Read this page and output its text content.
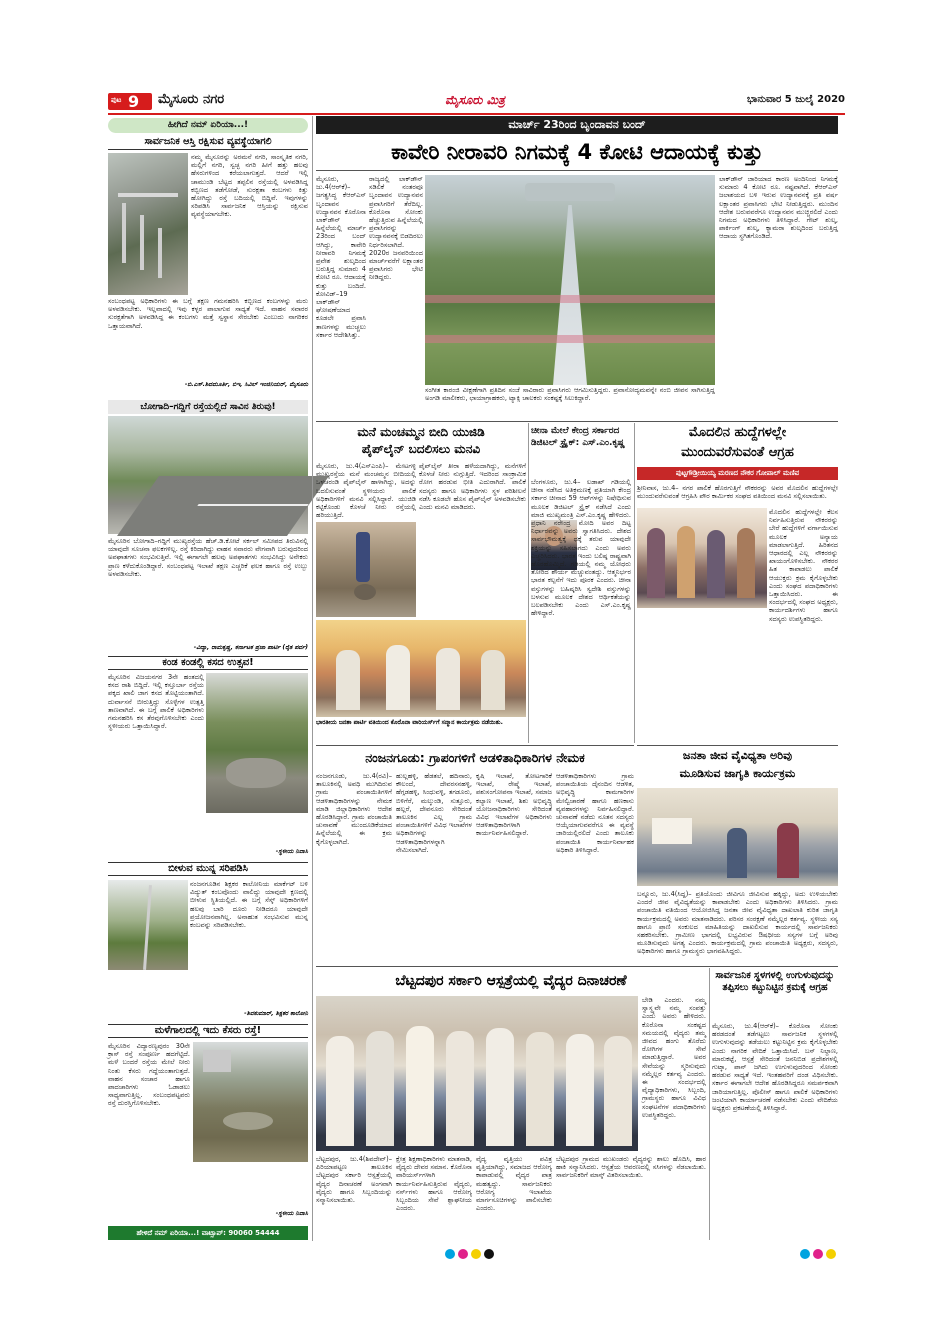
ಪುಟ 9 ಮೈಸೂರು ನಗರ	ಮೈಸೂರು ಮಿತ್ರ	ಭಾನುವಾರ 5 ಜುಲೈ 2020
ಹೀಗಿದೆ ನಮ್ ಏರಿಯಾ...!
ಸಾರ್ವಜನಿಕ ಆಸ್ತಿ ರಕ್ಷಿಸುವ ವ್ಯವಸ್ಥೆಯಾಗಲಿ
ನಮ್ಮ ಮೈಸೂರನ್ನು ಅರಮನೆ ನಗರಿ, ಸಾಂಸ್ಕೃತಿಕ ನಗರಿ, ಮಲ್ಲಿಗೆ ನಗರಿ, ಸ್ವಚ್ಛ ನಗರಿ ಹೀಗೆ ಹತ್ತು ಹಲವು ಹೆಸರುಗಳಿಂದ ಕರೆಯಲಾಗುತ್ತದೆ. ಆದರೆ ಇಲ್ಲಿ ಚಾಮುಂಡಿ ಬೆಟ್ಟದ ತಪ್ಪಲಿನ ರಸ್ತೆಯಲ್ಲಿ ಅಳವಡಿಸಿದ್ದ ಕಬ್ಬಿಣದ ತಡೆಗೋಡೆ, ಸುರಕ್ಷತಾ ಕಂಬಗಳು ಕಿತ್ತು ಹೋಗಿದ್ದು ರಸ್ತೆ ಬದಿಯಲ್ಲಿ ಬಿದ್ದಿವೆ. ಇವುಗಳನ್ನು ಸರಿಪಡಿಸಿ ಸಾರ್ವಜನಿಕ ಆಸ್ತಿಯನ್ನು ರಕ್ಷಿಸುವ ವ್ಯವಸ್ಥೆಯಾಗಬೇಕು.
ಸಂಬಂಧಪಟ್ಟ ಅಧಿಕಾರಿಗಳು ಈ ಬಗ್ಗೆ ತಕ್ಷಣ ಗಮನಹರಿಸಿ ಕಬ್ಬಿಣದ ಕಂಬಗಳನ್ನು ಮರು ಅಳವಡಿಸಬೇಕು. ಇಲ್ಲವಾದಲ್ಲಿ ಇವು ಕಳ್ಳರ ಪಾಲಾಗುವ ಸಾಧ್ಯತೆ ಇದೆ. ವಾಹನ ಸವಾರರ ಸುರಕ್ಷತೆಗಾಗಿ ಅಳವಡಿಸಿದ್ದ ಈ ಕಂಬಗಳು ಮತ್ತೆ ಸ್ವಸ್ಥಾನ ಸೇರಬೇಕು ಎಂಬುದು ನಾಗರಿಕರ ಒತ್ತಾಯವಾಗಿದೆ.
-ಬಿ.ಎಸ್.ಶಿವಮೂರ್ತಿ, ಬಿಇ, ಸಿವಿಲ್ ಇಂಜಿನಿಯರ್, ಮೈಸೂರು
ಬೋಗಾದಿ–ಗದ್ದಿಗೆ ರಸ್ತೆಯಲ್ಲಿದೆ ಸಾವಿನ ತಿರುವು!
ಮೈಸೂರಿನ ಬೋಗಾದಿ–ಗದ್ದಿಗೆ ಮುಖ್ಯರಸ್ತೆಯ ಹೆಚ್.ಡಿ.ಕೋಟೆ ಸರ್ಕಲ್ ಸಮೀಪದ ತಿರುವಿನಲ್ಲಿ ಯಾವುದೇ ಸೂಚನಾ ಫಲಕಗಳಿಲ್ಲ. ರಸ್ತೆ ಕಿರಿದಾಗಿದ್ದು ವಾಹನ ಸವಾರರು ವೇಗವಾಗಿ ಬರುವುದರಿಂದ ಅಪಘಾತಗಳು ಸಂಭವಿಸುತ್ತಿವೆ. ಇಲ್ಲಿ ಈಗಾಗಲೇ ಹಲವು ಅಪಘಾತಗಳು ಸಂಭವಿಸಿದ್ದು ಅನೇಕರು ಪ್ರಾಣ ಕಳೆದುಕೊಂಡಿದ್ದಾರೆ. ಸಂಬಂಧಪಟ್ಟ ಇಲಾಖೆ ತಕ್ಷಣ ಎಚ್ಚರಿಕೆ ಫಲಕ ಹಾಗೂ ರಸ್ತೆ ಉಬ್ಬು ಅಳವಡಿಸಬೇಕು.
-ವಿದ್ಯಾ, ರಾಮಕೃಷ್ಣ, ಕರ್ನಾಟಕ ಪ್ರಜಾ ಪಾರ್ಟಿ (ರೈತ ಪರ್ವ)
ಕಂಡ ಕಂಡಲ್ಲಿ ಕಸದ ಉತ್ಸವ!
ಮೈಸೂರಿನ ವಿಜಯನಗರ 3ನೇ ಹಂತದಲ್ಲಿ ಕಸದ ರಾಶಿ ಬಿದ್ದಿದೆ. ಇಲ್ಲಿ ಕಸ್ತೂರ್ಬಾ ರಸ್ತೆಯ ಪಕ್ಕದ ಖಾಲಿ ಜಾಗ ಕಸದ ತೊಟ್ಟಿಯಂತಾಗಿದೆ. ದುರ್ವಾಸನೆ ಬೀರುತ್ತಿದ್ದು ಸೊಳ್ಳೆಗಳ ಉತ್ಪತ್ತಿ ತಾಣವಾಗಿದೆ. ಈ ಬಗ್ಗೆ ಪಾಲಿಕೆ ಅಧಿಕಾರಿಗಳು ಗಮನಹರಿಸಿ ಕಸ ತೆರವುಗೊಳಿಸಬೇಕು ಎಂದು ಸ್ಥಳೀಯರು ಒತ್ತಾಯಿಸಿದ್ದಾರೆ.
-ಸ್ಥಳೀಯ ನಿವಾಸಿ
ಬೀಳುವ ಮುನ್ನ ಸರಿಪಡಿಸಿ
ನಂಜನಗೂಡಿನ ಶಿಕ್ಷಕರ ಕಾಲೋನಿಯ ಮಾರ್ಕೆಟ್ ಬಳಿ ವಿದ್ಯುತ್ ಕಂಬವೊಂದು ವಾಲಿದ್ದು ಯಾವುದೇ ಕ್ಷಣದಲ್ಲಿ ಬೀಳುವ ಸ್ಥಿತಿಯಲ್ಲಿದೆ. ಈ ಬಗ್ಗೆ ಸೆಸ್ಕ್ ಅಧಿಕಾರಿಗಳಿಗೆ ಹಲವು ಬಾರಿ ದೂರು ನೀಡಿದರೂ ಯಾವುದೇ ಪ್ರಯೋಜನವಾಗಿಲ್ಲ. ಅನಾಹುತ ಸಂಭವಿಸುವ ಮುನ್ನ ಕಂಬವನ್ನು ಸರಿಪಡಿಸಬೇಕು.
-ಶಿವಕುಮಾರ್, ಶಿಕ್ಷಕರ ಕಾಲೋನಿ
ಮಳೆಗಾಲದಲ್ಲಿ ಇದು ಕೆಸರು ರಸ್ತೆ!
ಮೈಸೂರಿನ ವಿದ್ಯಾರಣ್ಯಪುರಂ 30ನೇ ಕ್ರಾಸ್ ರಸ್ತೆ ಸಂಪೂರ್ಣ ಹದಗೆಟ್ಟಿದೆ. ಮಳೆ ಬಂದರೆ ರಸ್ತೆಯ ಮೇಲೆ ನೀರು ನಿಂತು ಕೆಸರು ಗದ್ದೆಯಂತಾಗುತ್ತದೆ. ವಾಹನ ಸಂಚಾರ ಹಾಗೂ ಪಾದಚಾರಿಗಳು ಓಡಾಡಲು ಸಾಧ್ಯವಾಗುತ್ತಿಲ್ಲ. ಸಂಬಂಧಪಟ್ಟವರು ರಸ್ತೆ ದುರಸ್ತಿಗೊಳಿಸಬೇಕು.
-ಸ್ಥಳೀಯ ನಿವಾಸಿ
ಹೇಳಿದೆ ನಮ್ ಏರಿಯಾ...! ವಾಟ್ಸಾಪ್: 90060 54444
ಮಾರ್ಚ್ 23ರಿಂದ ಬೃಂದಾವನ ಬಂದ್
ಕಾವೇರಿ ನೀರಾವರಿ ನಿಗಮಕ್ಕೆ 4 ಕೋಟಿ ಆದಾಯಕ್ಕೆ ಕುತ್ತು
ಮೈಸೂರು, ಜು.4(ಆರ್‌ಕೆ)– ಜಗತ್ಪ್ರಸಿದ್ಧ ಕೆಆರ್‌ಎಸ್ ಬೃಂದಾವನ ಉದ್ಯಾನವನ ಕೊರೊನಾ ಲಾಕ್‌ಡೌನ್ ಹಿನ್ನೆಲೆಯಲ್ಲಿ ಮಾರ್ಚ್ 23ರಿಂದ ಬಂದ್ ಆಗಿದ್ದು, ಕಾವೇರಿ ನೀರಾವರಿ ನಿಗಮಕ್ಕೆ ಪ್ರವೇಶ ಶುಲ್ಕದಿಂದ ಬರುತ್ತಿದ್ದ ಸುಮಾರು 4 ಕೋಟಿ ರೂ. ಆದಾಯಕ್ಕೆ ಕುತ್ತು ಬಂದಿದೆ. ಕೋವಿಡ್–19 ಲಾಕ್‌ಡೌನ್ ಘೋಷಣೆಯಾದ ಕೂಡಲೇ ಪ್ರವಾಸಿ ತಾಣಗಳನ್ನು ಮುಚ್ಚಲು ಸರ್ಕಾರ ಆದೇಶಿಸಿತ್ತು.
ರಾಜ್ಯದಲ್ಲಿ ಲಾಕ್‌ಡೌನ್ ಸಡಿಲಿಕೆ ನಂತರವೂ ಬೃಂದಾವನ ಉದ್ಯಾನವನ ಪ್ರವಾಸಿಗರಿಗೆ ತೆರೆದಿಲ್ಲ. ಕೊರೊನಾ ಸೋಂಕು ಹೆಚ್ಚುತ್ತಿರುವ ಹಿನ್ನೆಲೆಯಲ್ಲಿ ಪ್ರವಾಸಿಗರನ್ನು ಉದ್ಯಾನವನಕ್ಕೆ ಬಿಡದಿರಲು ನಿರ್ಧರಿಸಲಾಗಿದೆ. 2020ರ ಜನವರಿಯಿಂದ ಮಾರ್ಚ್‌ವರೆಗೆ ಲಕ್ಷಾಂತರ ಪ್ರವಾಸಿಗರು ಭೇಟಿ ನೀಡಿದ್ದರು.
ಸಂಗೀತ ಕಾರಂಜಿ ವೀಕ್ಷಣೆಗಾಗಿ ಪ್ರತಿದಿನ ಸಂಜೆ ಸಾವಿರಾರು ಪ್ರವಾಸಿಗರು ಆಗಮಿಸುತ್ತಿದ್ದರು. ಪ್ರವಾಸೋದ್ಯಮವನ್ನೇ ನಂಬಿ ಜೀವನ ಸಾಗಿಸುತ್ತಿದ್ದ ಅಂಗಡಿ ಮಾಲೀಕರು, ಛಾಯಾಗ್ರಾಹಕರು, ಟ್ಯಾಕ್ಸಿ ಚಾಲಕರು ಸಂಕಷ್ಟಕ್ಕೆ ಸಿಲುಕಿದ್ದಾರೆ.
ಲಾಕ್‌ಡೌನ್ ಜಾರಿಯಾದ ಕಾರಣ ಅಂದಿನಿಂದ ನಿಗಮಕ್ಕೆ ಸುಮಾರು 4 ಕೋಟಿ ರೂ. ನಷ್ಟವಾಗಿದೆ. ಕೆಆರ್‌ಎಸ್ ಜಲಾಶಯದ ಬಳಿ ಇರುವ ಉದ್ಯಾನವನಕ್ಕೆ ಪ್ರತಿ ವರ್ಷ ಲಕ್ಷಾಂತರ ಪ್ರವಾಸಿಗರು ಭೇಟಿ ನೀಡುತ್ತಿದ್ದರು. ಮುಂದಿನ ಆದೇಶ ಬರುವವರೆಗೂ ಉದ್ಯಾನವನ ಮುಚ್ಚಿರಲಿದೆ ಎಂದು ನಿಗಮದ ಅಧಿಕಾರಿಗಳು ತಿಳಿಸಿದ್ದಾರೆ. ಗೇಟ್ ಶುಲ್ಕ, ಪಾರ್ಕಿಂಗ್ ಶುಲ್ಕ, ಕ್ಯಾಮರಾ ಶುಲ್ಕದಿಂದ ಬರುತ್ತಿದ್ದ ಆದಾಯ ಸ್ಥಗಿತಗೊಂಡಿದೆ.
ಮನೆ ಮಂಚಮ್ಮನ ಬೀದಿ ಯುಜಿಡಿ
ಪೈಪ್‌ಲೈನ್ ಬದಲಿಸಲು ಮನವಿ
ಮೈಸೂರು, ಜು.4(ಎಸ್‌ಎಂಪಿ)– ಮೇಟಗಳ್ಳಿ ಮುಖ್ಯರಸ್ತೆಯ ಮನೆ ಮಂಚಮ್ಮನ ಬೀದಿಯಲ್ಲಿ ಒಳಚರಂಡಿ ಪೈಪ್‌ಲೈನ್ ಹಾಳಾಗಿದ್ದು, ಅದನ್ನು ಬದಲಿಸುವಂತೆ ಸ್ಥಳೀಯರು ಪಾಲಿಕೆ ಅಧಿಕಾರಿಗಳಿಗೆ ಮನವಿ ಸಲ್ಲಿಸಿದ್ದಾರೆ. ಯುಜಿಡಿ ಕಟ್ಟಿಕೊಂಡು ಕೊಳಚೆ ನೀರು ರಸ್ತೆಯಲ್ಲಿ ಹರಿಯುತ್ತಿದೆ.
ಪೈಪ್‌ಲೈನ್ ತೀರಾ ಹಳೆಯದಾಗಿದ್ದು, ಮನೆಗಳಿಗೆ ಕೊಳಚೆ ನೀರು ನುಗ್ಗುತ್ತಿದೆ. ಇದರಿಂದ ಸಾಂಕ್ರಾಮಿಕ ರೋಗ ಹರಡುವ ಭೀತಿ ಎದುರಾಗಿದೆ. ಪಾಲಿಕೆ ಸದಸ್ಯರು ಹಾಗೂ ಅಧಿಕಾರಿಗಳು ಸ್ಥಳ ಪರಿಶೀಲನೆ ನಡೆಸಿ ಕೂಡಲೇ ಹೊಸ ಪೈಪ್‌ಲೈನ್ ಅಳವಡಿಸಬೇಕು ಎಂದು ಮನವಿ ಮಾಡಿದರು.
ಭಾರತೀಯ ಜನತಾ ಪಾರ್ಟಿ ವತಿಯಿಂದ ಕೊರೊನಾ ವಾರಿಯರ್ಸ್‌ಗೆ ಸನ್ಮಾನ ಕಾರ್ಯಕ್ರಮ ನಡೆಯಿತು.
ಚೀನಾ ಮೇಲೆ ಕೇಂದ್ರ ಸರ್ಕಾರದ ಡಿಜಿಟಲ್ ಸ್ಟ್ರೈಕ್: ಎಸ್.ಎಂ.ಕೃಷ್ಣ
ಬೆಂಗಳೂರು, ಜು.4– ಲಡಾಖ್ ಗಡಿಯಲ್ಲಿ ಚೀನಾ ನಡೆಸಿದ ಅತಿಕ್ರಮಣಕ್ಕೆ ಪ್ರತಿಯಾಗಿ ಕೇಂದ್ರ ಸರ್ಕಾರ ಚೀನಾದ 59 ಆಪ್‌ಗಳನ್ನು ನಿಷೇಧಿಸುವ ಮೂಲಕ ಡಿಜಿಟಲ್ ಸ್ಟ್ರೈಕ್ ನಡೆಸಿದೆ ಎಂದು ಮಾಜಿ ಮುಖ್ಯಮಂತ್ರಿ ಎಸ್.ಎಂ.ಕೃಷ್ಣ ಹೇಳಿದರು. ಪ್ರಧಾನಿ ನರೇಂದ್ರ ಮೋದಿ ಅವರ ದಿಟ್ಟ ನಿರ್ಧಾರವನ್ನು ಅವರು ಸ್ವಾಗತಿಸಿದರು. ದೇಶದ ಸಾರ್ವಭೌಮತ್ವಕ್ಕೆ ಧಕ್ಕೆ ತರುವ ಯಾವುದೇ ಶಕ್ತಿಯನ್ನು ಸಹಿಸಲಾಗದು ಎಂದು ಅವರು ಎಚ್ಚರಿಸಿದರು. ಭಾರತ ಇಂದು ಬಲಿಷ್ಠ ರಾಷ್ಟ್ರವಾಗಿ ಹೊರಹೊಮ್ಮಿದೆ. ಗಡಿಯಲ್ಲಿ ನಮ್ಮ ಯೋಧರು ತೋರಿದ ಶೌರ್ಯ ಮೆಚ್ಚುವಂತದ್ದು. ಆತ್ಮನಿರ್ಭರ ಭಾರತ ಕಲ್ಪನೆಗೆ ಇದು ಪೂರಕ ಎಂದರು. ಚೀನಾ ವಸ್ತುಗಳನ್ನು ಬಹಿಷ್ಕರಿಸಿ ಸ್ವದೇಶಿ ವಸ್ತುಗಳನ್ನು ಬಳಸುವ ಮೂಲಕ ದೇಶದ ಆರ್ಥಿಕತೆಯನ್ನು ಬಲಪಡಿಸಬೇಕು ಎಂದು ಎಸ್.ಎಂ.ಕೃಷ್ಣ ಹೇಳಿದ್ದಾರೆ.
ಮೊದಲಿನ ಹುದ್ದೆಗಳಲ್ಲೇ
ಮುಂದುವರೆಸುವಂತೆ ಆಗ್ರಹ
ಪುಟ್ಟಗೌಡ್ರೀಯಿಯ್ಯ ಮರಣದ ನೌಕರ ಗೋಪಾಲ್ ಮಣಿವ
ಶ್ರೀನಿವಾಸ, ಜು.4– ನಗರ ಪಾಲಿಕೆ ಹೊರಗುತ್ತಿಗೆ ನೌಕರರನ್ನು ಅವರ ಮೊದಲಿನ ಹುದ್ದೆಗಳಲ್ಲೇ ಮುಂದುವರೆಸುವಂತೆ ಆಗ್ರಹಿಸಿ ಪೌರ ಕಾರ್ಮಿಕರ ಸಂಘದ ವತಿಯಿಂದ ಮನವಿ ಸಲ್ಲಿಸಲಾಯಿತು.
ಮೊದಲಿನ ಹುದ್ದೆಗಳಲ್ಲೇ ಕೆಲಸ ನಿರ್ವಹಿಸುತ್ತಿರುವ ನೌಕರರನ್ನು ಬೇರೆ ಹುದ್ದೆಗಳಿಗೆ ವರ್ಗಾಯಿಸುವ ಮೂಲಕ ಅನ್ಯಾಯ ಮಾಡಲಾಗುತ್ತಿದೆ. ಹಿರಿತನದ ಆಧಾರದಲ್ಲಿ ಎಲ್ಲ ನೌಕರರನ್ನು ಖಾಯಂಗೊಳಿಸಬೇಕು. ನೌಕರರ ಹಿತ ಕಾಪಾಡಲು ಪಾಲಿಕೆ ಆಯುಕ್ತರು ಕ್ರಮ ಕೈಗೊಳ್ಳಬೇಕು ಎಂದು ಸಂಘದ ಪದಾಧಿಕಾರಿಗಳು ಒತ್ತಾಯಿಸಿದರು. ಈ ಸಂದರ್ಭದಲ್ಲಿ ಸಂಘದ ಅಧ್ಯಕ್ಷರು, ಕಾರ್ಯದರ್ಶಿಗಳು ಹಾಗೂ ಸದಸ್ಯರು ಉಪಸ್ಥಿತರಿದ್ದರು.
ಜನತಾ ಜೀವ ವೈವಿಧ್ಯತಾ ಅರಿವು
ಮೂಡಿಸುವ ಜಾಗೃತಿ ಕಾರ್ಯಕ್ರಮ
ಬನ್ನೂರು, ಜು.4(ಸಿದ್ದ)– ಪ್ರತಿಯೊಂದು ಜೀವಿಗೂ ಜೀವಿಸುವ ಹಕ್ಕಿದ್ದು, ಅದು ಉಳಿಯಬೇಕು ಎಂದರೆ ಜೀವ ವೈವಿಧ್ಯತೆಯನ್ನು ಕಾಪಾಡಬೇಕು ಎಂದು ಅಧಿಕಾರಿಗಳು ತಿಳಿಸಿದರು. ಗ್ರಾಮ ಪಂಚಾಯಿತಿ ವತಿಯಿಂದ ಆಯೋಜಿಸಿದ್ದ ಜನತಾ ಜೀವ ವೈವಿಧ್ಯತಾ ದಾಖಲಾತಿ ಕುರಿತ ಜಾಗೃತಿ ಕಾರ್ಯಕ್ರಮದಲ್ಲಿ ಅವರು ಮಾತನಾಡಿದರು. ಪರಿಸರ ಸಂರಕ್ಷಣೆ ನಮ್ಮೆಲ್ಲರ ಕರ್ತವ್ಯ. ಸ್ಥಳೀಯ ಸಸ್ಯ ಹಾಗೂ ಪ್ರಾಣಿ ಸಂಕುಲದ ಮಾಹಿತಿಯನ್ನು ದಾಖಲಿಸುವ ಕಾರ್ಯದಲ್ಲಿ ಸಾರ್ವಜನಿಕರು ಸಹಕರಿಸಬೇಕು. ಗ್ರಾಮೀಣ ಭಾಗದಲ್ಲಿ ಲಭ್ಯವಿರುವ ಔಷಧೀಯ ಸಸ್ಯಗಳ ಬಗ್ಗೆ ಅರಿವು ಮೂಡಿಸುವುದು ಅಗತ್ಯ ಎಂದರು. ಕಾರ್ಯಕ್ರಮದಲ್ಲಿ ಗ್ರಾಮ ಪಂಚಾಯಿತಿ ಅಧ್ಯಕ್ಷರು, ಸದಸ್ಯರು, ಅಧಿಕಾರಿಗಳು ಹಾಗೂ ಗ್ರಾಮಸ್ಥರು ಭಾಗವಹಿಸಿದ್ದರು.
ನಂಜನಗೂಡು: ಗ್ರಾಪಂಗಳಿಗೆ ಆಡಳಿತಾಧಿಕಾರಿಗಳ ನೇಮಕ
ನಂಜನಗೂಡು, ಜು.4(ರವಿ)– ತಾಲೂಕಿನಲ್ಲಿ ಅವಧಿ ಮುಗಿದಿರುವ ಗ್ರಾಮ ಪಂಚಾಯಿತಿಗಳಿಗೆ ಆಡಳಿತಾಧಿಕಾರಿಗಳನ್ನು ನೇಮಕ ಮಾಡಿ ಜಿಲ್ಲಾಧಿಕಾರಿಗಳು ಆದೇಶ ಹೊರಡಿಸಿದ್ದಾರೆ. ಗ್ರಾಮ ಪಂಚಾಯಿತಿ ಚುನಾವಣೆ ಮುಂದೂಡಿಕೆಯಾದ ಹಿನ್ನೆಲೆಯಲ್ಲಿ ಈ ಕ್ರಮ ಕೈಗೊಳ್ಳಲಾಗಿದೆ.
ಹುಲ್ಲಹಳ್ಳಿ, ಹೆಡತಲೆ, ಹದಿನಾರು, ಕೌಲಂದೆ, ದೇವರಸನಹಳ್ಳಿ, ಹೆಗ್ಗಡಹಳ್ಳಿ, ಸಿಂಧುವಳ್ಳಿ, ತಗಡೂರು, ಬಿಳಿಗೆರೆ, ಮಲ್ಕುಂಡಿ, ಸುತ್ತೂರು, ಹಲ್ಲರೆ, ದೇವನೂರು ಸೇರಿದಂತೆ ತಾಲೂಕಿನ ಎಲ್ಲ ಗ್ರಾಮ ಪಂಚಾಯಿತಿಗಳಿಗೆ ವಿವಿಧ ಇಲಾಖೆಗಳ ಅಧಿಕಾರಿಗಳನ್ನು ಆಡಳಿತಾಧಿಕಾರಿಗಳನ್ನಾಗಿ ನೇಮಿಸಲಾಗಿದೆ.
ಕೃಷಿ ಇಲಾಖೆ, ತೋಟಗಾರಿಕೆ ಇಲಾಖೆ, ರೇಷ್ಮೆ ಇಲಾಖೆ, ಪಶುಸಂಗೋಪನಾ ಇಲಾಖೆ, ಸಮಾಜ ಕಲ್ಯಾಣ ಇಲಾಖೆ, ಶಿಶು ಅಭಿವೃದ್ಧಿ ಯೋಜನಾಧಿಕಾರಿಗಳು ಸೇರಿದಂತೆ ವಿವಿಧ ಇಲಾಖೆಗಳ ಅಧಿಕಾರಿಗಳು ಆಡಳಿತಾಧಿಕಾರಿಗಳಾಗಿ ಕಾರ್ಯನಿರ್ವಹಿಸಲಿದ್ದಾರೆ.
ಆಡಳಿತಾಧಿಕಾರಿಗಳು ಗ್ರಾಮ ಪಂಚಾಯಿತಿಯ ದೈನಂದಿನ ಆಡಳಿತ, ಅಭಿವೃದ್ಧಿ ಕಾಮಗಾರಿಗಳ ಮೇಲ್ವಿಚಾರಣೆ ಹಾಗೂ ಹಣಕಾಸು ವ್ಯವಹಾರಗಳನ್ನು ನಿರ್ವಹಿಸಲಿದ್ದಾರೆ. ಚುನಾವಣೆ ನಡೆದು ನೂತನ ಸದಸ್ಯರು ಆಯ್ಕೆಯಾಗುವವರೆಗೂ ಈ ವ್ಯವಸ್ಥೆ ಜಾರಿಯಲ್ಲಿರಲಿದೆ ಎಂದು ತಾಲೂಕು ಪಂಚಾಯಿತಿ ಕಾರ್ಯನಿರ್ವಾಹಕ ಅಧಿಕಾರಿ ತಿಳಿಸಿದ್ದಾರೆ.
ಬೆಟ್ಟದಪುರ ಸರ್ಕಾರಿ ಆಸ್ಪತ್ರೆಯಲ್ಲಿ ವೈದ್ಯರ ದಿನಾಚರಣೆ
ಬೇಡಿ ಎಂದರು. ನಮ್ಮ ಸ್ವಾಸ್ಥ್ಯವೇ ನಮ್ಮ ಸಂಪತ್ತು ಎಂದು ಅವರು ಹೇಳಿದರು. ಕೊರೊನಾ ಸಂಕಷ್ಟದ ಸಮಯದಲ್ಲಿ ವೈದ್ಯರು ತಮ್ಮ ಜೀವದ ಹಂಗು ತೊರೆದು ರೋಗಿಗಳ ಸೇವೆ ಮಾಡುತ್ತಿದ್ದಾರೆ. ಅವರ ಸೇವೆಯನ್ನು ಸ್ಮರಿಸುವುದು ನಮ್ಮೆಲ್ಲರ ಕರ್ತವ್ಯ ಎಂದರು. ಈ ಸಂದರ್ಭದಲ್ಲಿ ವೈದ್ಯಾಧಿಕಾರಿಗಳು, ಸಿಬ್ಬಂದಿ, ಗ್ರಾಮಸ್ಥರು ಹಾಗೂ ವಿವಿಧ ಸಂಘಟನೆಗಳ ಪದಾಧಿಕಾರಿಗಳು ಉಪಸ್ಥಿತರಿದ್ದರು.
ಬೆಟ್ಟದಪುರ, ಜು.4(ಶಿವದೇವ್)– ಪಿರಿಯಾಪಟ್ಟಣ ತಾಲೂಕಿನ ಬೆಟ್ಟದಪುರ ಸರ್ಕಾರಿ ಆಸ್ಪತ್ರೆಯಲ್ಲಿ ವೈದ್ಯರ ದಿನಾಚರಣೆ ಅಂಗವಾಗಿ ವೈದ್ಯರು ಹಾಗೂ ಸಿಬ್ಬಂದಿಯನ್ನು ಸನ್ಮಾನಿಸಲಾಯಿತು.
ಕ್ಷೇತ್ರ ಶಿಕ್ಷಣಾಧಿಕಾರಿಗಳು ಮಾತನಾಡಿ, ವೈದ್ಯರು ದೇವರ ಸಮಾನ. ಕೊರೊನಾ ವಾರಿಯರ್ಸ್‌ಗಳಾಗಿ ಕಾರ್ಯನಿರ್ವಹಿಸುತ್ತಿರುವ ವೈದ್ಯರು, ನರ್ಸ್‌ಗಳು ಹಾಗೂ ಆರೋಗ್ಯ ಸಿಬ್ಬಂದಿಯ ಸೇವೆ ಶ್ಲಾಘನೀಯ ಎಂದರು.
ವೈದ್ಯ ವೃತ್ತಿಯು ಪವಿತ್ರ ವೃತ್ತಿಯಾಗಿದ್ದು, ಸಮಾಜದ ಆರೋಗ್ಯ ಕಾಪಾಡುವಲ್ಲಿ ವೈದ್ಯರ ಪಾತ್ರ ಮಹತ್ವದ್ದು. ಸಾರ್ವಜನಿಕರು ಆರೋಗ್ಯ ಇಲಾಖೆಯ ಮಾರ್ಗಸೂಚಿಗಳನ್ನು ಪಾಲಿಸಬೇಕು ಎಂದರು.
ಬೆಟ್ಟದಪುರ ಗ್ರಾಮದ ಮುಖಂಡರು ವೈದ್ಯರನ್ನು ಶಾಲು ಹೊದಿಸಿ, ಹಾರ ಹಾಕಿ ಸನ್ಮಾನಿಸಿದರು. ಆಸ್ಪತ್ರೆಯ ಆವರಣದಲ್ಲಿ ಸಸಿಗಳನ್ನು ನೆಡಲಾಯಿತು. ಸಾರ್ವಜನಿಕರಿಗೆ ಮಾಸ್ಕ್ ವಿತರಿಸಲಾಯಿತು.
ಸಾರ್ವಜನಿಕ ಸ್ಥಳಗಳಲ್ಲಿ ಉಗುಳುವುದನ್ನು ತಪ್ಪಿಸಲು ಕಟ್ಟುನಿಟ್ಟಿನ ಕ್ರಮಕ್ಕೆ ಆಗ್ರಹ
ಮೈಸೂರು, ಜು.4(ಆರ್‌ಕೆ)– ಕೊರೊನಾ ಸೋಂಕು ಹರಡದಂತೆ ತಡೆಗಟ್ಟಲು ಸಾರ್ವಜನಿಕ ಸ್ಥಳಗಳಲ್ಲಿ ಉಗುಳುವುದನ್ನು ತಡೆಯಲು ಕಟ್ಟುನಿಟ್ಟಿನ ಕ್ರಮ ಕೈಗೊಳ್ಳಬೇಕು ಎಂದು ನಾಗರಿಕ ವೇದಿಕೆ ಒತ್ತಾಯಿಸಿದೆ. ಬಸ್ ನಿಲ್ದಾಣ, ಮಾರುಕಟ್ಟೆ, ಆಸ್ಪತ್ರೆ ಸೇರಿದಂತೆ ಜನನಿಬಿಡ ಪ್ರದೇಶಗಳಲ್ಲಿ ಗುಟ್ಕಾ, ಪಾನ್ ಜಗಿದು ಉಗುಳುವುದರಿಂದ ಸೋಂಕು ಹರಡುವ ಸಾಧ್ಯತೆ ಇದೆ. ಇಂತಹವರಿಗೆ ದಂಡ ವಿಧಿಸಬೇಕು. ಸರ್ಕಾರ ಈಗಾಗಲೇ ಆದೇಶ ಹೊರಡಿಸಿದ್ದರೂ ಸಮರ್ಪಕವಾಗಿ ಜಾರಿಯಾಗುತ್ತಿಲ್ಲ. ಪೊಲೀಸ್ ಹಾಗೂ ಪಾಲಿಕೆ ಅಧಿಕಾರಿಗಳು ಜಂಟಿಯಾಗಿ ಕಾರ್ಯಾಚರಣೆ ನಡೆಸಬೇಕು ಎಂದು ವೇದಿಕೆಯ ಅಧ್ಯಕ್ಷರು ಪ್ರಕಟಣೆಯಲ್ಲಿ ತಿಳಿಸಿದ್ದಾರೆ.
